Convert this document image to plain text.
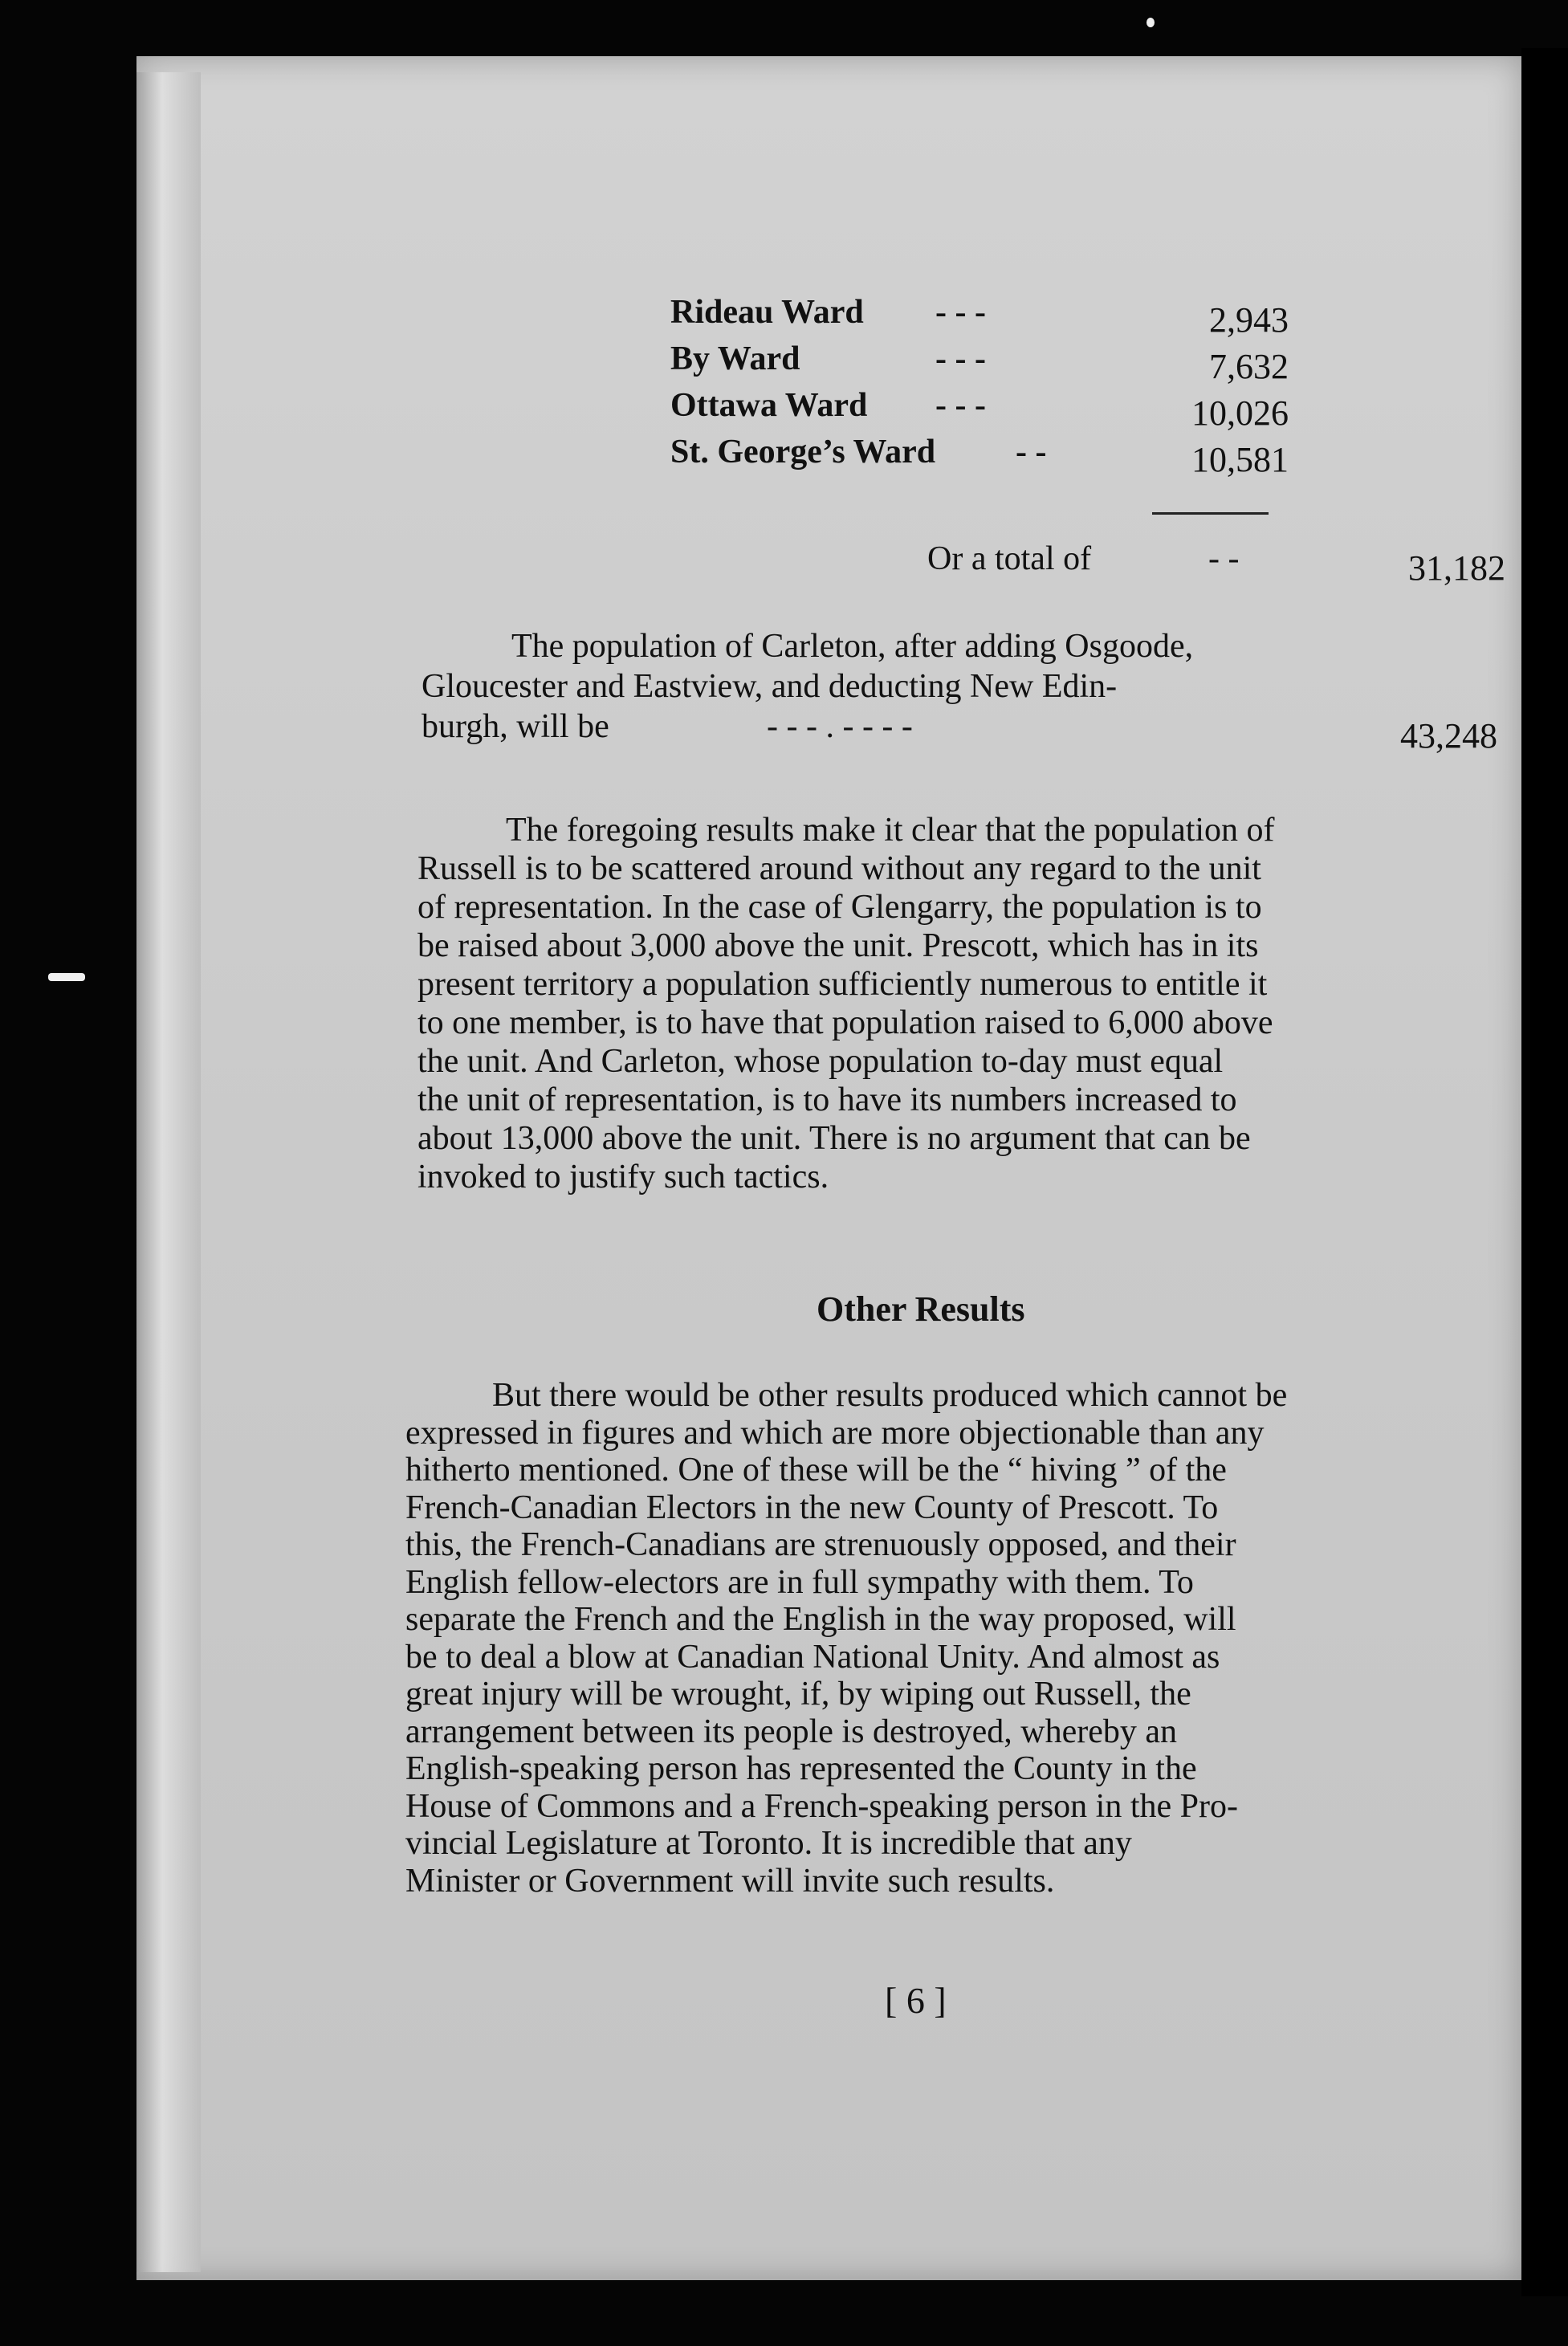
Rideau Ward - - -	2,943
By Ward	- - -	7,632
Ottawa Ward - - -	10,026
St. George’s Ward - -	10,581
Or a total of	- -	31,182
The population of Carleton, after adding Osgoode,
Gloucester and Eastview, and deducting New Edin-
burgh, will be	- - - . - - - -	43,248
The foregoing results make it clear that the population of
Russell is to be scattered around without any regard to the unit
of representation. In the case of Glengarry, the population is to
be raised about 3,000 above the unit. Prescott, which has in its
present territory a population sufficiently numerous to entitle it
to one member, is to have that population raised to 6,000 above
the unit. And Carleton, whose population to-day must equal
the unit of representation, is to have its numbers increased to
about 13,000 above the unit. There is no argument that can be
invoked to justify such tactics.
Other Results
But there would be other results produced which cannot be
expressed in figures and which are more objectionable than any
hitherto mentioned. One of these will be the “ hiving ” of the
French-Canadian Electors in the new County of Prescott. To
this, the French-Canadians are strenuously opposed, and their
English fellow-electors are in full sympathy with them. To
separate the French and the English in the way proposed, will
be to deal a blow at Canadian National Unity. And almost as
great injury will be wrought, if, by wiping out Russell, the
arrangement between its people is destroyed, whereby an
English-speaking person has represented the County in the
House of Commons and a French-speaking person in the Pro-
vincial Legislature at Toronto. It is incredible that any
Minister or Government will invite such results.
[ 6 ]
